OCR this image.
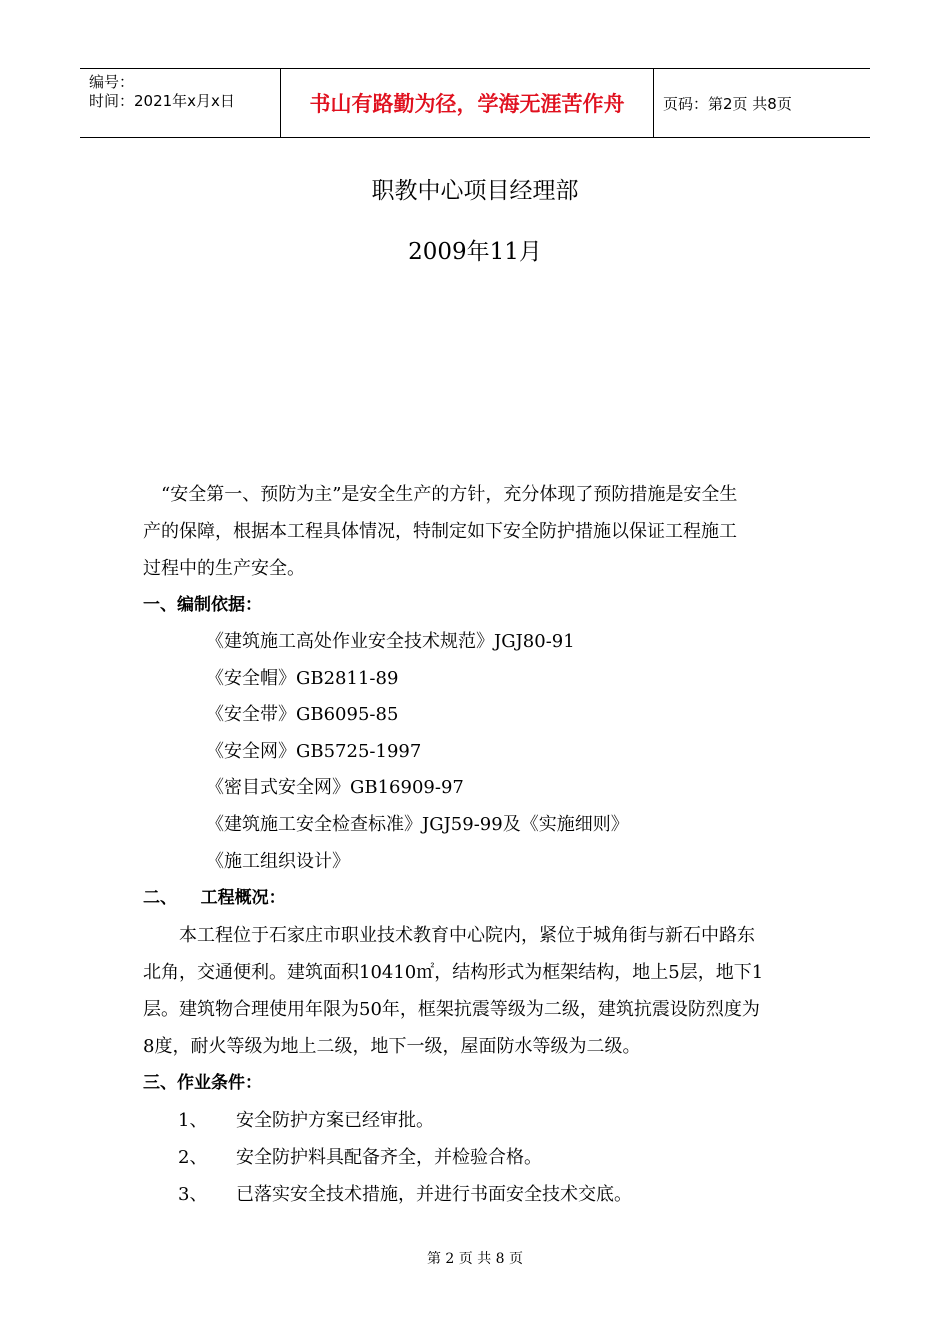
编号：
时间：2021年x月x日	书山有路勤为径，学海无涯苦作舟	页码：第2页 共8页
职教中心项目经理部
2009年11月

“安全第一、预防为主”是安全生产的方针，充分体现了预防措施是安全生

产的保障，根据本工程具体情况，特制定如下安全防护措施以保证工程施工

过程中的生产安全。

一、编制依据：

《建筑施工高处作业安全技术规范》JGJ80-91

《安全帽》GB2811-89

《安全带》GB6095-85

《安全网》GB5725-1997

《密目式安全网》GB16909-97

《建筑施工安全检查标准》JGJ59-99及《实施细则》

《施工组织设计》

二、    工程概况：

本工程位于石家庄市职业技术教育中心院内，紧位于城角街与新石中路东

北角，交通便利。建筑面积10410㎡，结构形式为框架结构，地上5层，地下1

层。建筑物合理使用年限为50年，框架抗震等级为二级，建筑抗震设防烈度为

8度，耐火等级为地上二级，地下一级，屋面防水等级为二级。

三、作业条件：

1、	安全防护方案已经审批。
2、	安全防护料具配备齐全，并检验合格。
3、	已落实安全技术措施，并进行书面安全技术交底。
第 2 页 共 8 页
